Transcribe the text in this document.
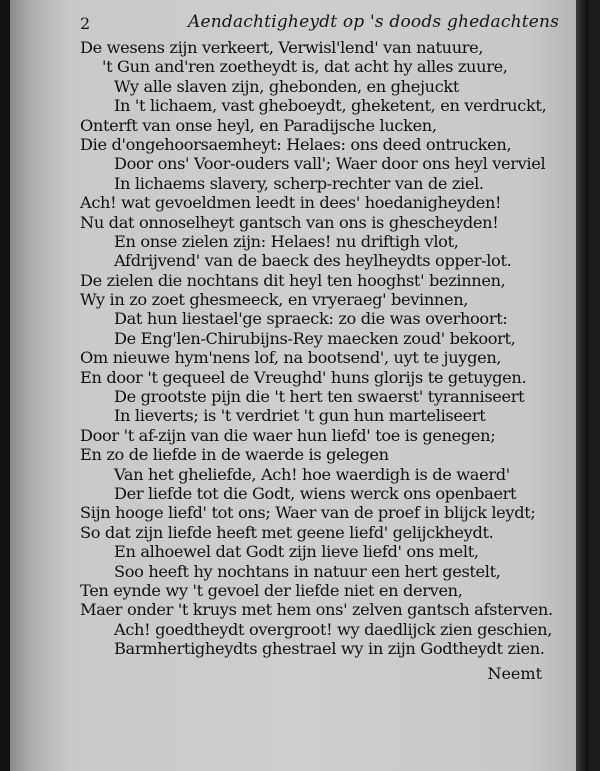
2	Aendachtigheydt op 's doods ghedachtens
De wesens zijn verkeert, Verwisl'lend' van natuure,
't Gun and'ren zoetheydt is, dat acht hy alles zuure,
Wy alle slaven zijn, ghebonden, en ghejuckt
In 't lichaem, vast gheboeydt, gheketent, en verdruckt,
Onterft van onse heyl, en Paradijsche lucken,
Die d'ongehoorsaemheyt: Helaes: ons deed ontrucken,
Door ons' Voor-ouders vall'; Waer door ons heyl verviel
In lichaems slavery, scherp-rechter van de ziel.
Ach! wat gevoeldmen leedt in dees' hoedanigheyden!
Nu dat onnoselheyt gantsch van ons is ghescheyden!
En onse zielen zijn: Helaes! nu driftigh vlot,
Afdrijvend' van de baeck des heylheydts opper-lot.
De zielen die nochtans dit heyl ten hooghst' bezinnen,
Wy in zo zoet ghesmeeck, en vryeraeg' bevinnen,
Dat hun liestael'ge spraeck: zo die was overhoort:
De Eng'len-Chirubijns-Rey maecken zoud' bekoort,
Om nieuwe hym'nens lof, na bootsend', uyt te juygen,
En door 't gequeel de Vreughd' huns glorijs te getuygen.
De grootste pijn die 't hert ten swaerst' tyranniseert
In lieverts; is 't verdriet 't gun hun marteliseert
Door 't af-zijn van die waer hun liefd' toe is genegen;
En zo de liefde in de waerde is gelegen
Van het gheliefde, Ach! hoe waerdigh is de waerd'
Der liefde tot die Godt, wiens werck ons openbaert
Sijn hooge liefd' tot ons; Waer van de proef in blijck leydt;
So dat zijn liefde heeft met geene liefd' gelijckheydt.
En alhoewel dat Godt zijn lieve liefd' ons melt,
Soo heeft hy nochtans in natuur een hert gestelt,
Ten eynde wy 't gevoel der liefde niet en derven,
Maer onder 't kruys met hem ons' zelven gantsch afsterven.
Ach! goedtheydt overgroot! wy daedlijck zien geschien,
Barmhertigheydts ghestrael wy in zijn Godtheydt zien.
Neemt
